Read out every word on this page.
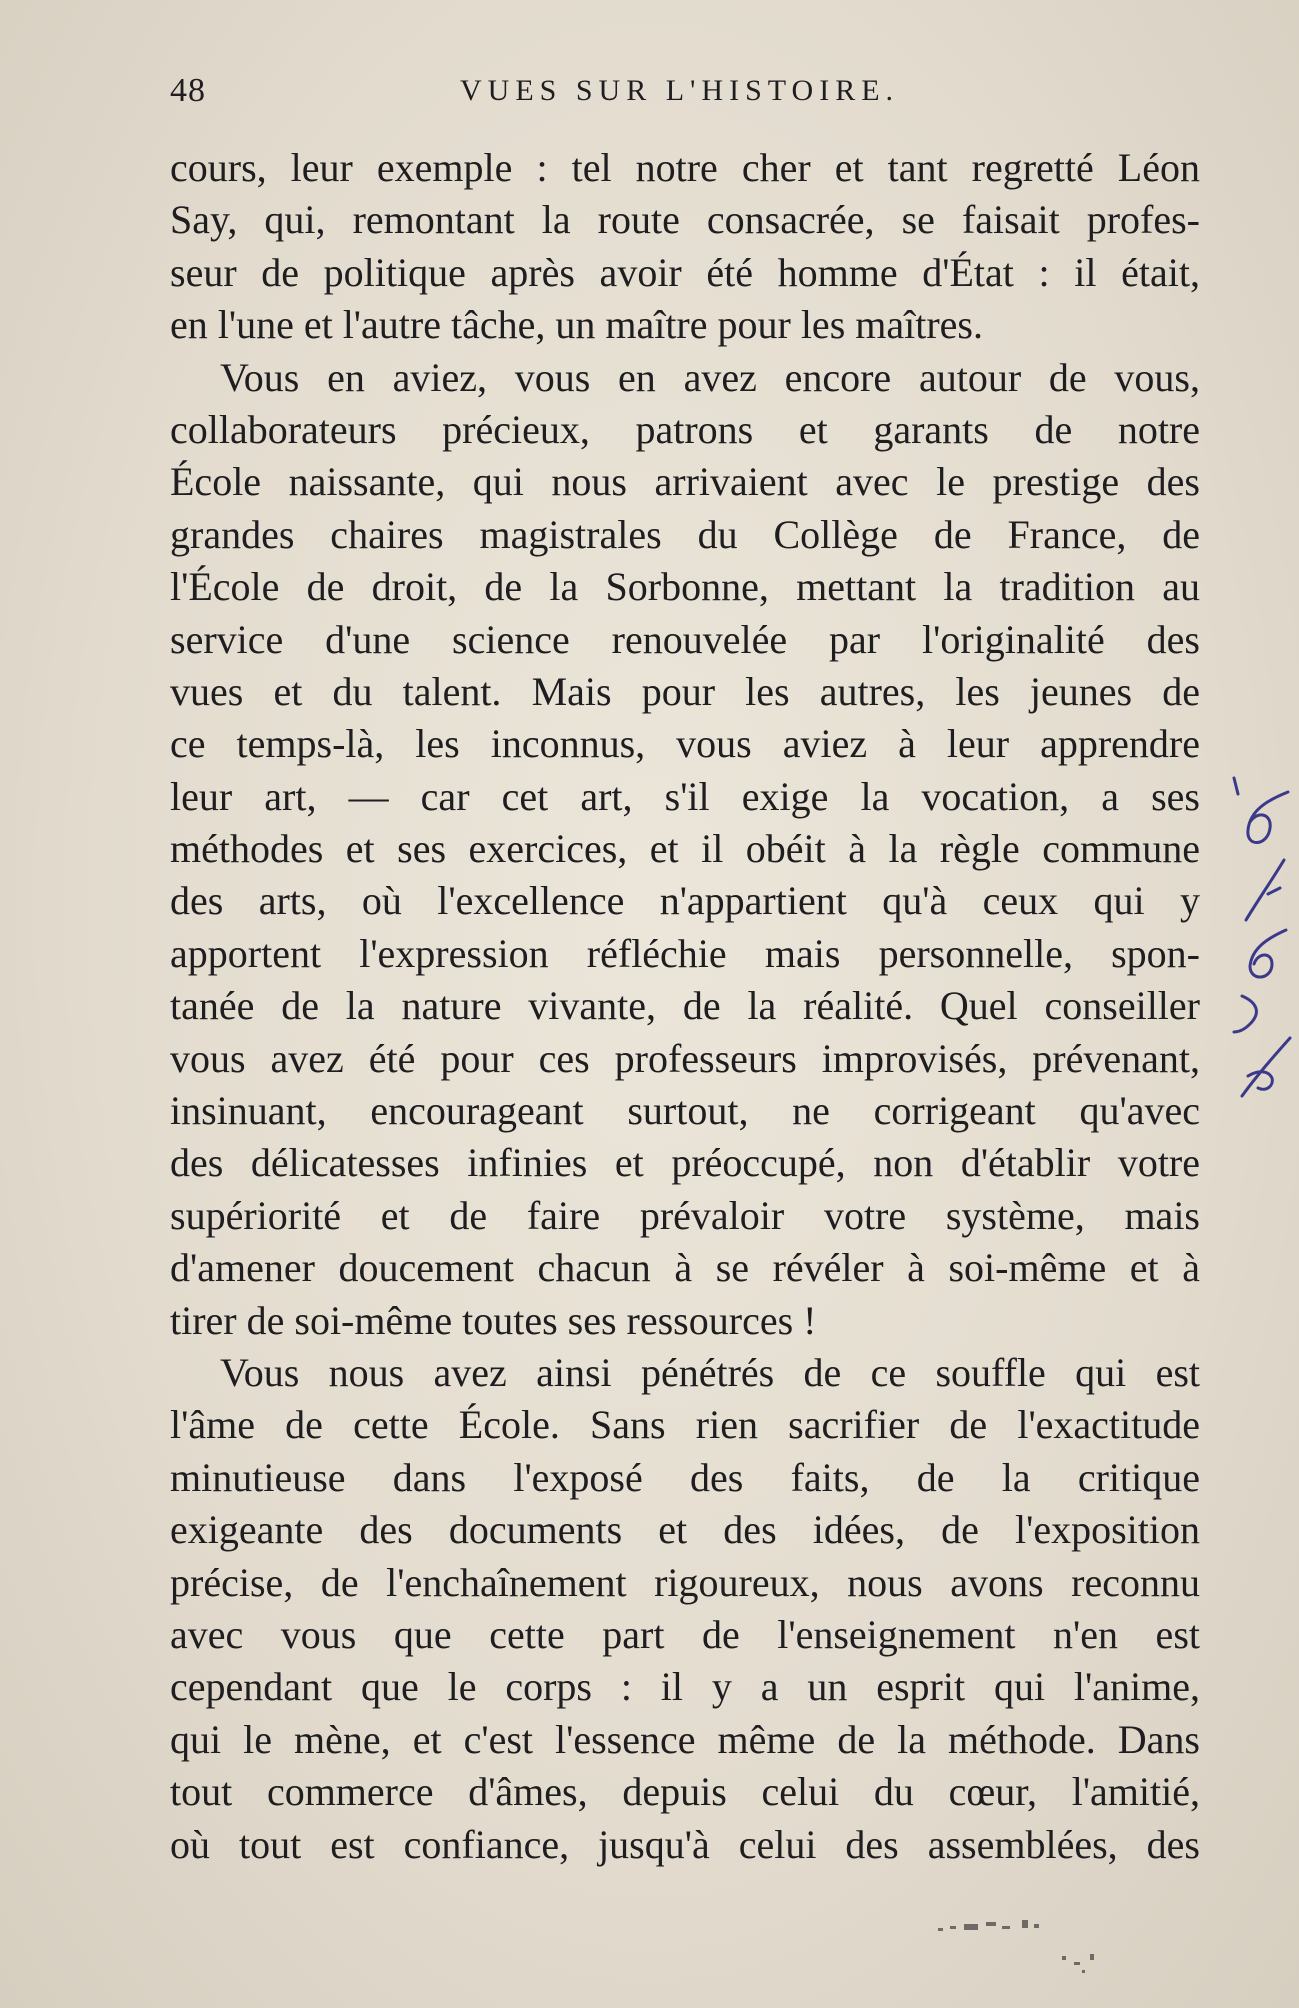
48	VUES SUR L'HISTOIRE.
cours, leur exemple : tel notre cher et tant regretté Léon
Say, qui, remontant la route consacrée, se faisait profes-
seur de politique après avoir été homme d'État : il était,
en l'une et l'autre tâche, un maître pour les maîtres.
Vous en aviez, vous en avez encore autour de vous,
collaborateurs précieux, patrons et garants de notre
École naissante, qui nous arrivaient avec le prestige des
grandes chaires magistrales du Collège de France, de
l'École de droit, de la Sorbonne, mettant la tradition au
service d'une science renouvelée par l'originalité des
vues et du talent. Mais pour les autres, les jeunes de
ce temps-là, les inconnus, vous aviez à leur apprendre
leur art, — car cet art, s'il exige la vocation, a ses
méthodes et ses exercices, et il obéit à la règle commune
des arts, où l'excellence n'appartient qu'à ceux qui y
apportent l'expression réfléchie mais personnelle, spon-
tanée de la nature vivante, de la réalité. Quel conseiller
vous avez été pour ces professeurs improvisés, prévenant,
insinuant, encourageant surtout, ne corrigeant qu'avec
des délicatesses infinies et préoccupé, non d'établir votre
supériorité et de faire prévaloir votre système, mais
d'amener doucement chacun à se révéler à soi-même et à
tirer de soi-même toutes ses ressources !
Vous nous avez ainsi pénétrés de ce souffle qui est
l'âme de cette École. Sans rien sacrifier de l'exactitude
minutieuse dans l'exposé des faits, de la critique
exigeante des documents et des idées, de l'exposition
précise, de l'enchaînement rigoureux, nous avons reconnu
avec vous que cette part de l'enseignement n'en est
cependant que le corps : il y a un esprit qui l'anime,
qui le mène, et c'est l'essence même de la méthode. Dans
tout commerce d'âmes, depuis celui du cœur, l'amitié,
où tout est confiance, jusqu'à celui des assemblées, des
